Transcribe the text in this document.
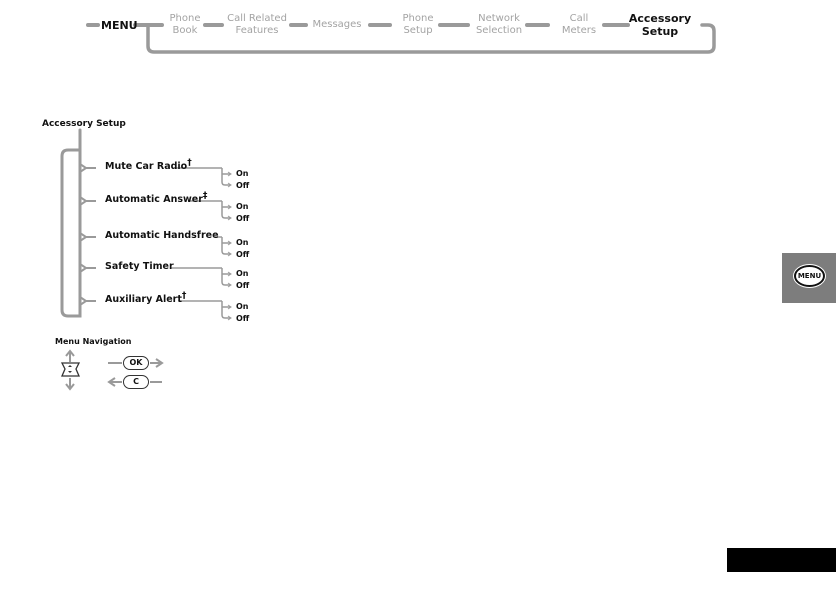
MENU
Phone
Book
Call Related
Features
Messages
Phone
Setup
Network
Selection
Call
Meters
Accessory
Setup
Accessory Setup
Mute Car Radio†
On
Off
Automatic Answer‡
On
Off
Automatic Handsfree
On
Off
Safety Timer
On
Off
Auxiliary Alert†
On
Off
Menu Navigation
OK
C
MENU
